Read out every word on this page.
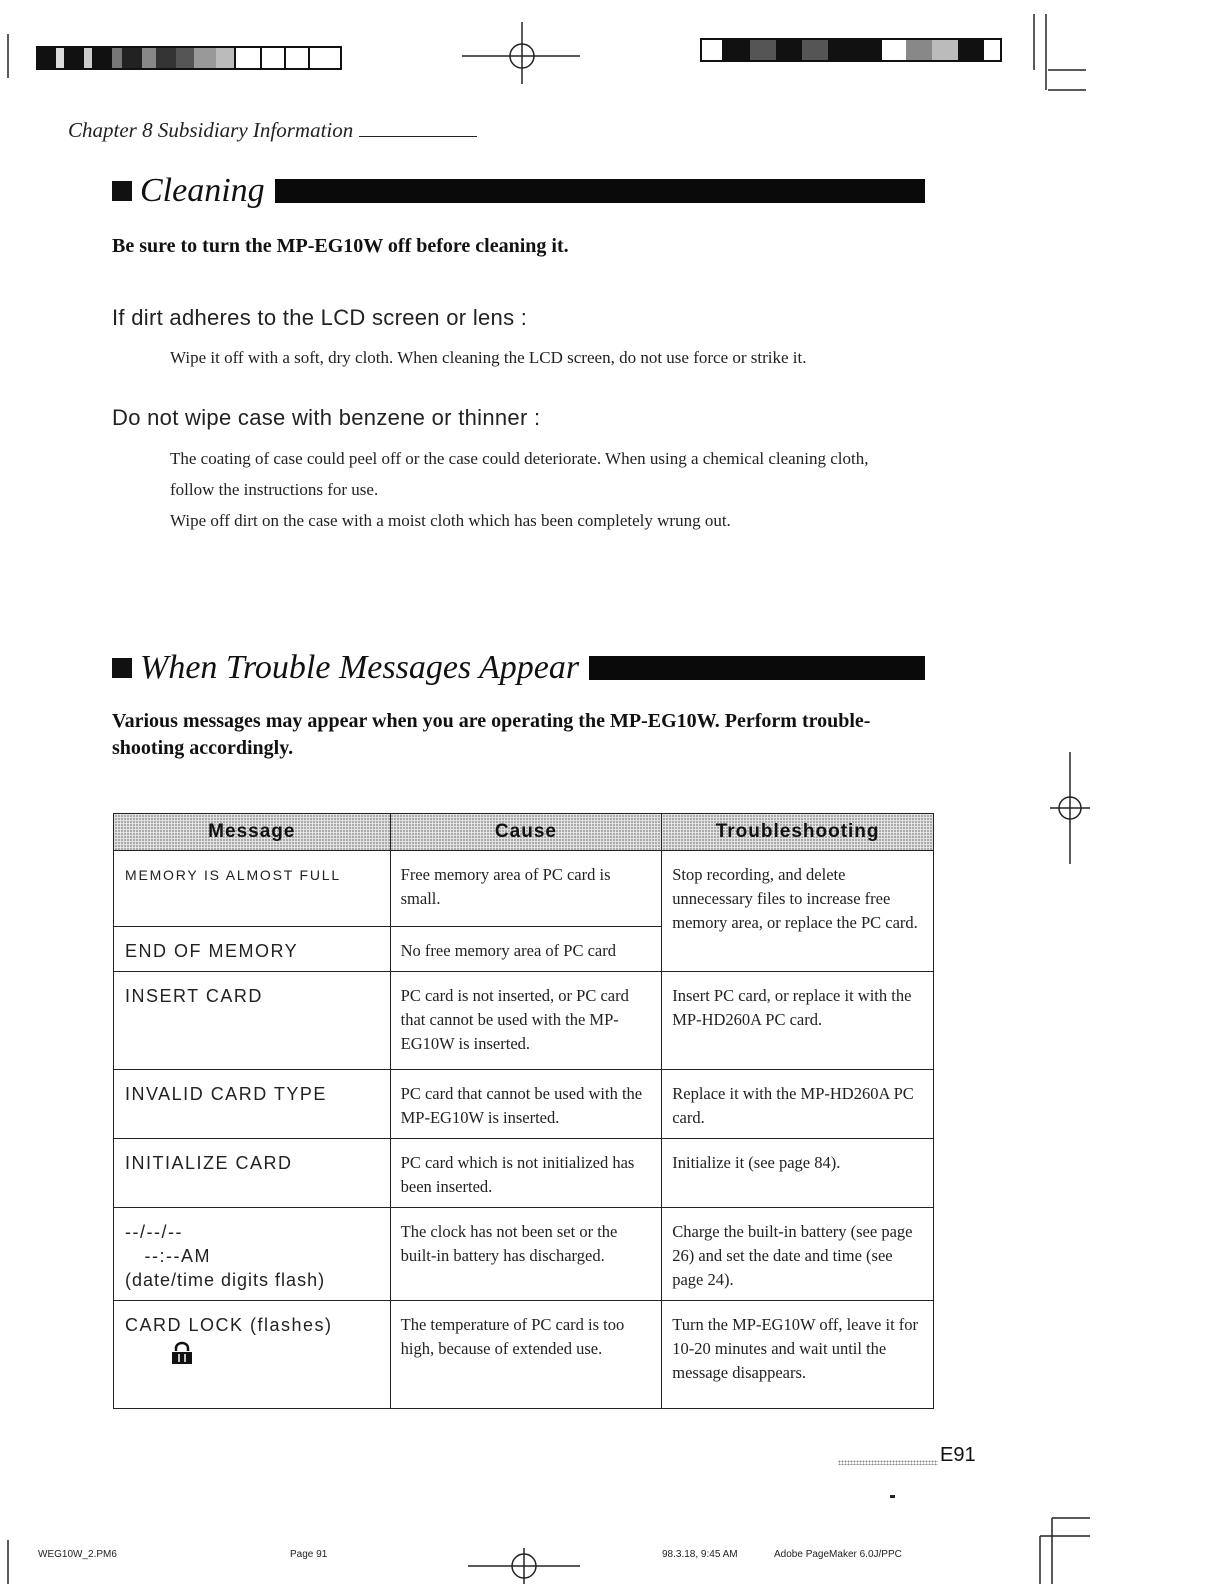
Chapter 8 Subsidiary Information
Cleaning
Be sure to turn the MP-EG10W off before cleaning it.
If dirt adheres to the LCD screen or lens :
Wipe it off with a soft, dry cloth. When cleaning the LCD screen, do not use force or strike it.
Do not wipe case with benzene or thinner :
The coating of case could peel off or the case could deteriorate. When using a chemical cleaning cloth,
follow the instructions for use.
Wipe off dirt on the case with a moist cloth which has been completely wrung out.
When Trouble Messages Appear
Various messages may appear when you are operating the MP-EG10W. Perform trouble-
shooting accordingly.
Message	Cause	Troubleshooting
MEMORY IS ALMOST FULL	Free memory area of PC card is small.	Stop recording, and delete unnecessary files to increase free memory area, or replace the PC card.
END OF MEMORY	No free memory area of PC card	
INSERT CARD	PC card is not inserted, or PC card that cannot be used with the MP-EG10W is inserted.	Insert PC card, or replace it with the MP-HD260A PC card.
INVALID CARD TYPE	PC card that cannot be used with the MP-EG10W is inserted.	Replace it with the MP-HD260A PC card.
INITIALIZE CARD	PC card which is not initialized has been inserted.	Initialize it (see page 84).

--/--/--
--:--AM
(date/time digits flash)	The clock has not been set or the built-in battery has discharged.	Charge the built-in battery (see page 26) and set the date and time (see page 24).

CARD LOCK (flashes)	The temperature of PC card is too high, because of extended use.	Turn the MP-EG10W off, leave it for 10-20 minutes and wait until the message disappears.
E91
WEG10W_2.PM6	Page 91	98.3.18, 9:45 AM	Adobe PageMaker 6.0J/PPC
